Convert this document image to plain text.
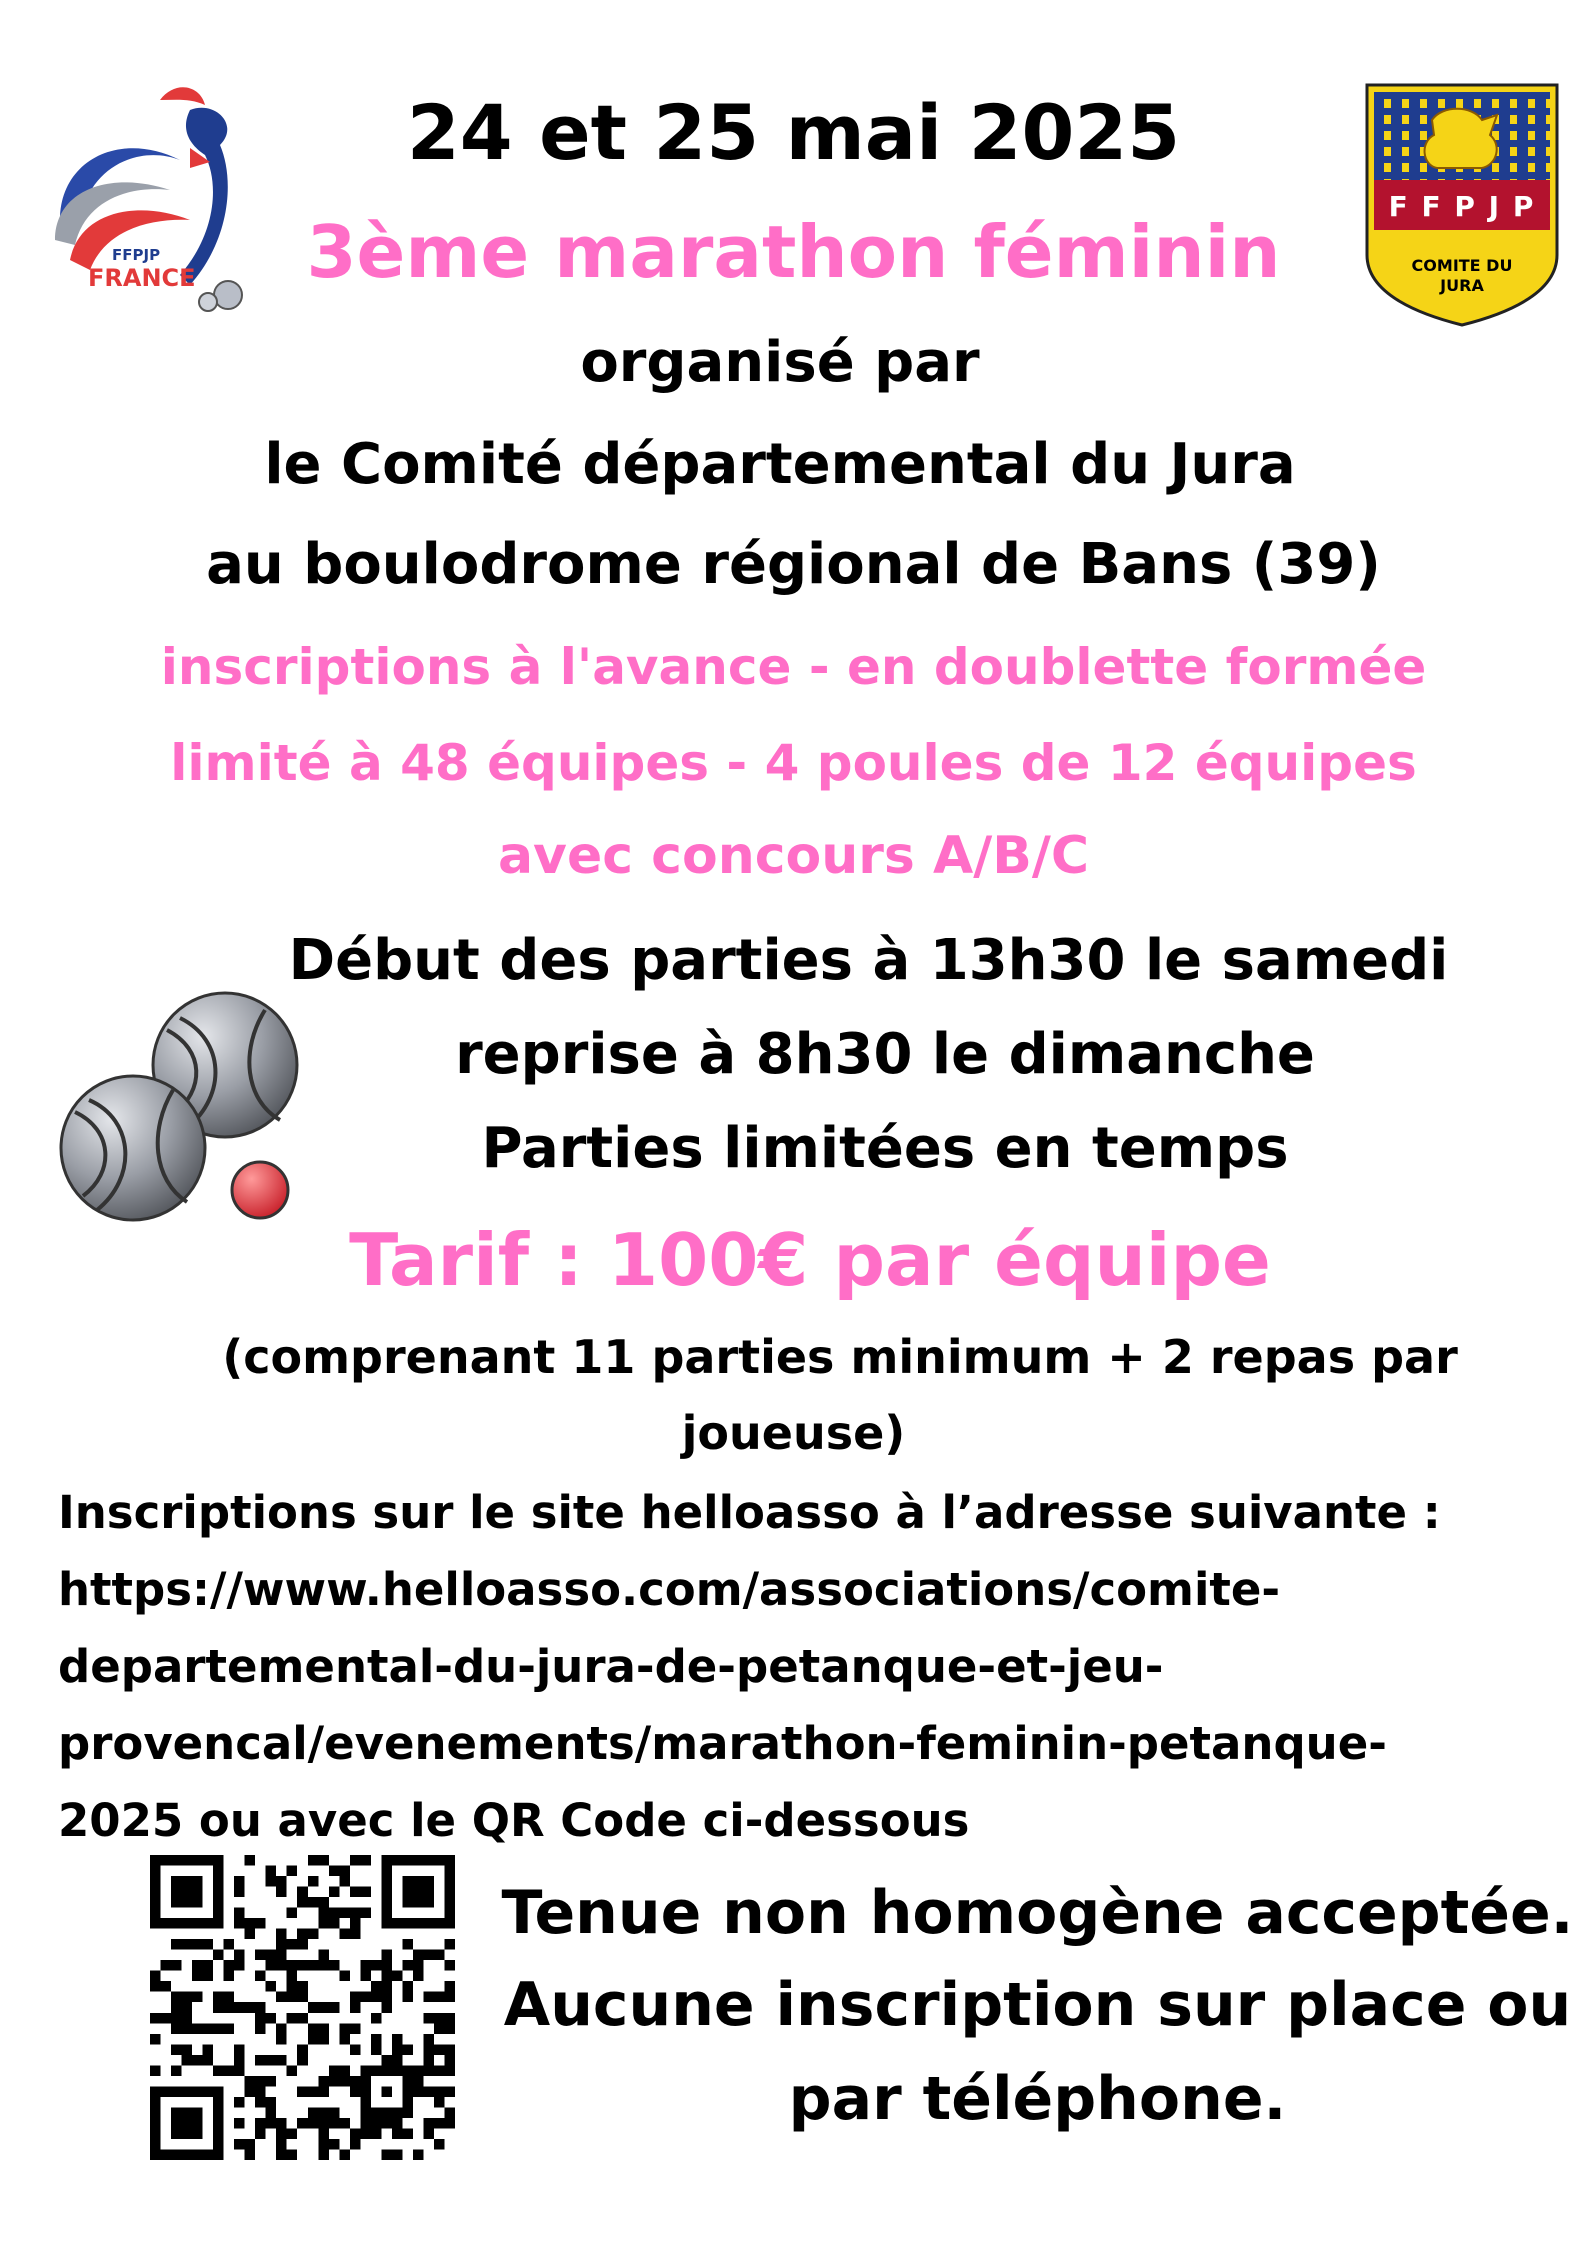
FFPJP
FRANCE
F F P J P
COMITE DU
JURA
24 et 25 mai 2025
3ème marathon féminin
organisé par
le Comité départemental du Jura
au boulodrome régional de Bans (39)
inscriptions à l'avance - en doublette formée
limité à 48 équipes - 4 poules de 12 équipes
avec concours A/B/C
Début des parties à 13h30 le samedi
reprise à 8h30 le dimanche
Parties limitées en temps
Tarif : 100€ par équipe
(comprenant 11 parties minimum + 2 repas par
joueuse)
Inscriptions sur le site helloasso à l’adresse suivante :
https://www.helloasso.com/associations/comite-
departemental-du-jura-de-petanque-et-jeu-
provencal/evenements/marathon-feminin-petanque-
2025 ou avec le QR Code ci-dessous
Tenue non homogène acceptée.
Aucune inscription sur place ou
par téléphone.
